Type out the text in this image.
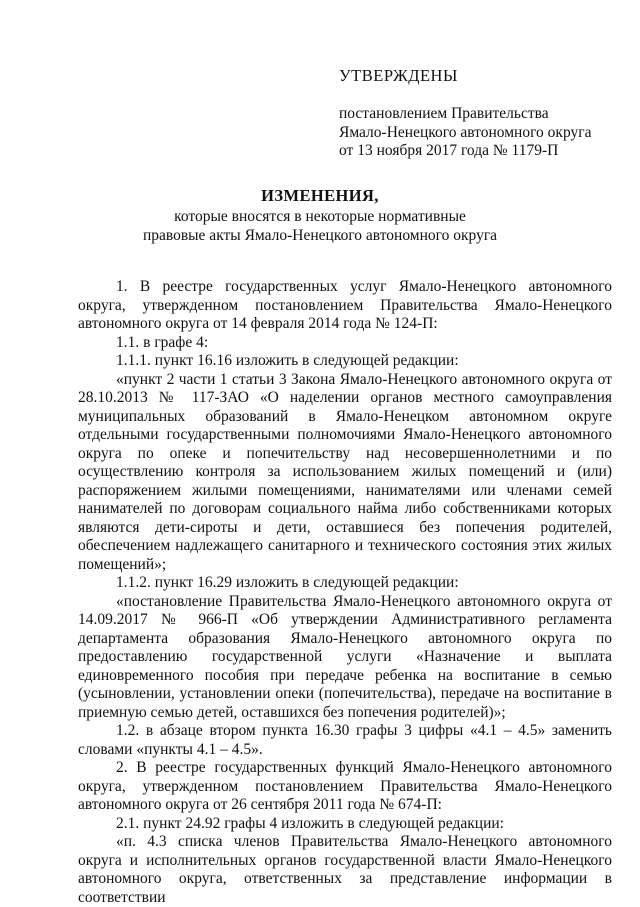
УТВЕРЖДЕНЫ
постановлением Правительства
Ямало-Ненецкого автономного округа
от 13 ноября 2017 года № 1179-П
ИЗМЕНЕНИЯ,
которые вносятся в некоторые нормативные
правовые акты Ямало-Ненецкого автономного округа

1. В реестре государственных услуг Ямало-Ненецкого автономного округа, утвержденном постановлением Правительства Ямало-Ненецкого автономного округа от 14 февраля 2014 года № 124-П:

1.1. в графе 4:

1.1.1. пункт 16.16 изложить в следующей редакции:

«пункт 2 части 1 статьи 3 Закона Ямало-Ненецкого автономного округа от 28.10.2013 № 117-ЗАО «О наделении органов местного самоуправления муниципальных образований в Ямало-Ненецком автономном округе отдельными государственными полномочиями Ямало-Ненецкого автономного округа по опеке и попечительству над несовершеннолетними и по осуществлению контроля за использованием жилых помещений и (или) распоряжением жилыми помещениями, нанимателями или членами семей нанимателей по договорам социального найма либо собственниками которых являются дети-сироты и дети, оставшиеся без попечения родителей, обеспечением надлежащего санитарного и технического состояния этих жилых помещений»;

1.1.2. пункт 16.29 изложить в следующей редакции:

«постановление Правительства Ямало-Ненецкого автономного округа от 14.09.2017 № 966-П «Об утверждении Административного регламента департамента образования Ямало-Ненецкого автономного округа по предоставлению государственной услуги «Назначение и выплата единовременного пособия при передаче ребенка на воспитание в семью (усыновлении, установлении опеки (попечительства), передаче на воспитание в приемную семью детей, оставшихся без попечения родителей)»;

1.2. в абзаце втором пункта 16.30 графы 3 цифры «4.1 – 4.5» заменить словами «пункты 4.1 – 4.5».

2. В реестре государственных функций Ямало-Ненецкого автономного округа, утвержденном постановлением Правительства Ямало-Ненецкого автономного округа от 26 сентября 2011 года № 674-П:

2.1. пункт 24.92 графы 4 изложить в следующей редакции:

«п. 4.3 списка членов Правительства Ямало-Ненецкого автономного округа и исполнительных органов государственной власти Ямало-Ненецкого автономного округа, ответственных за представление информации в соответствии
